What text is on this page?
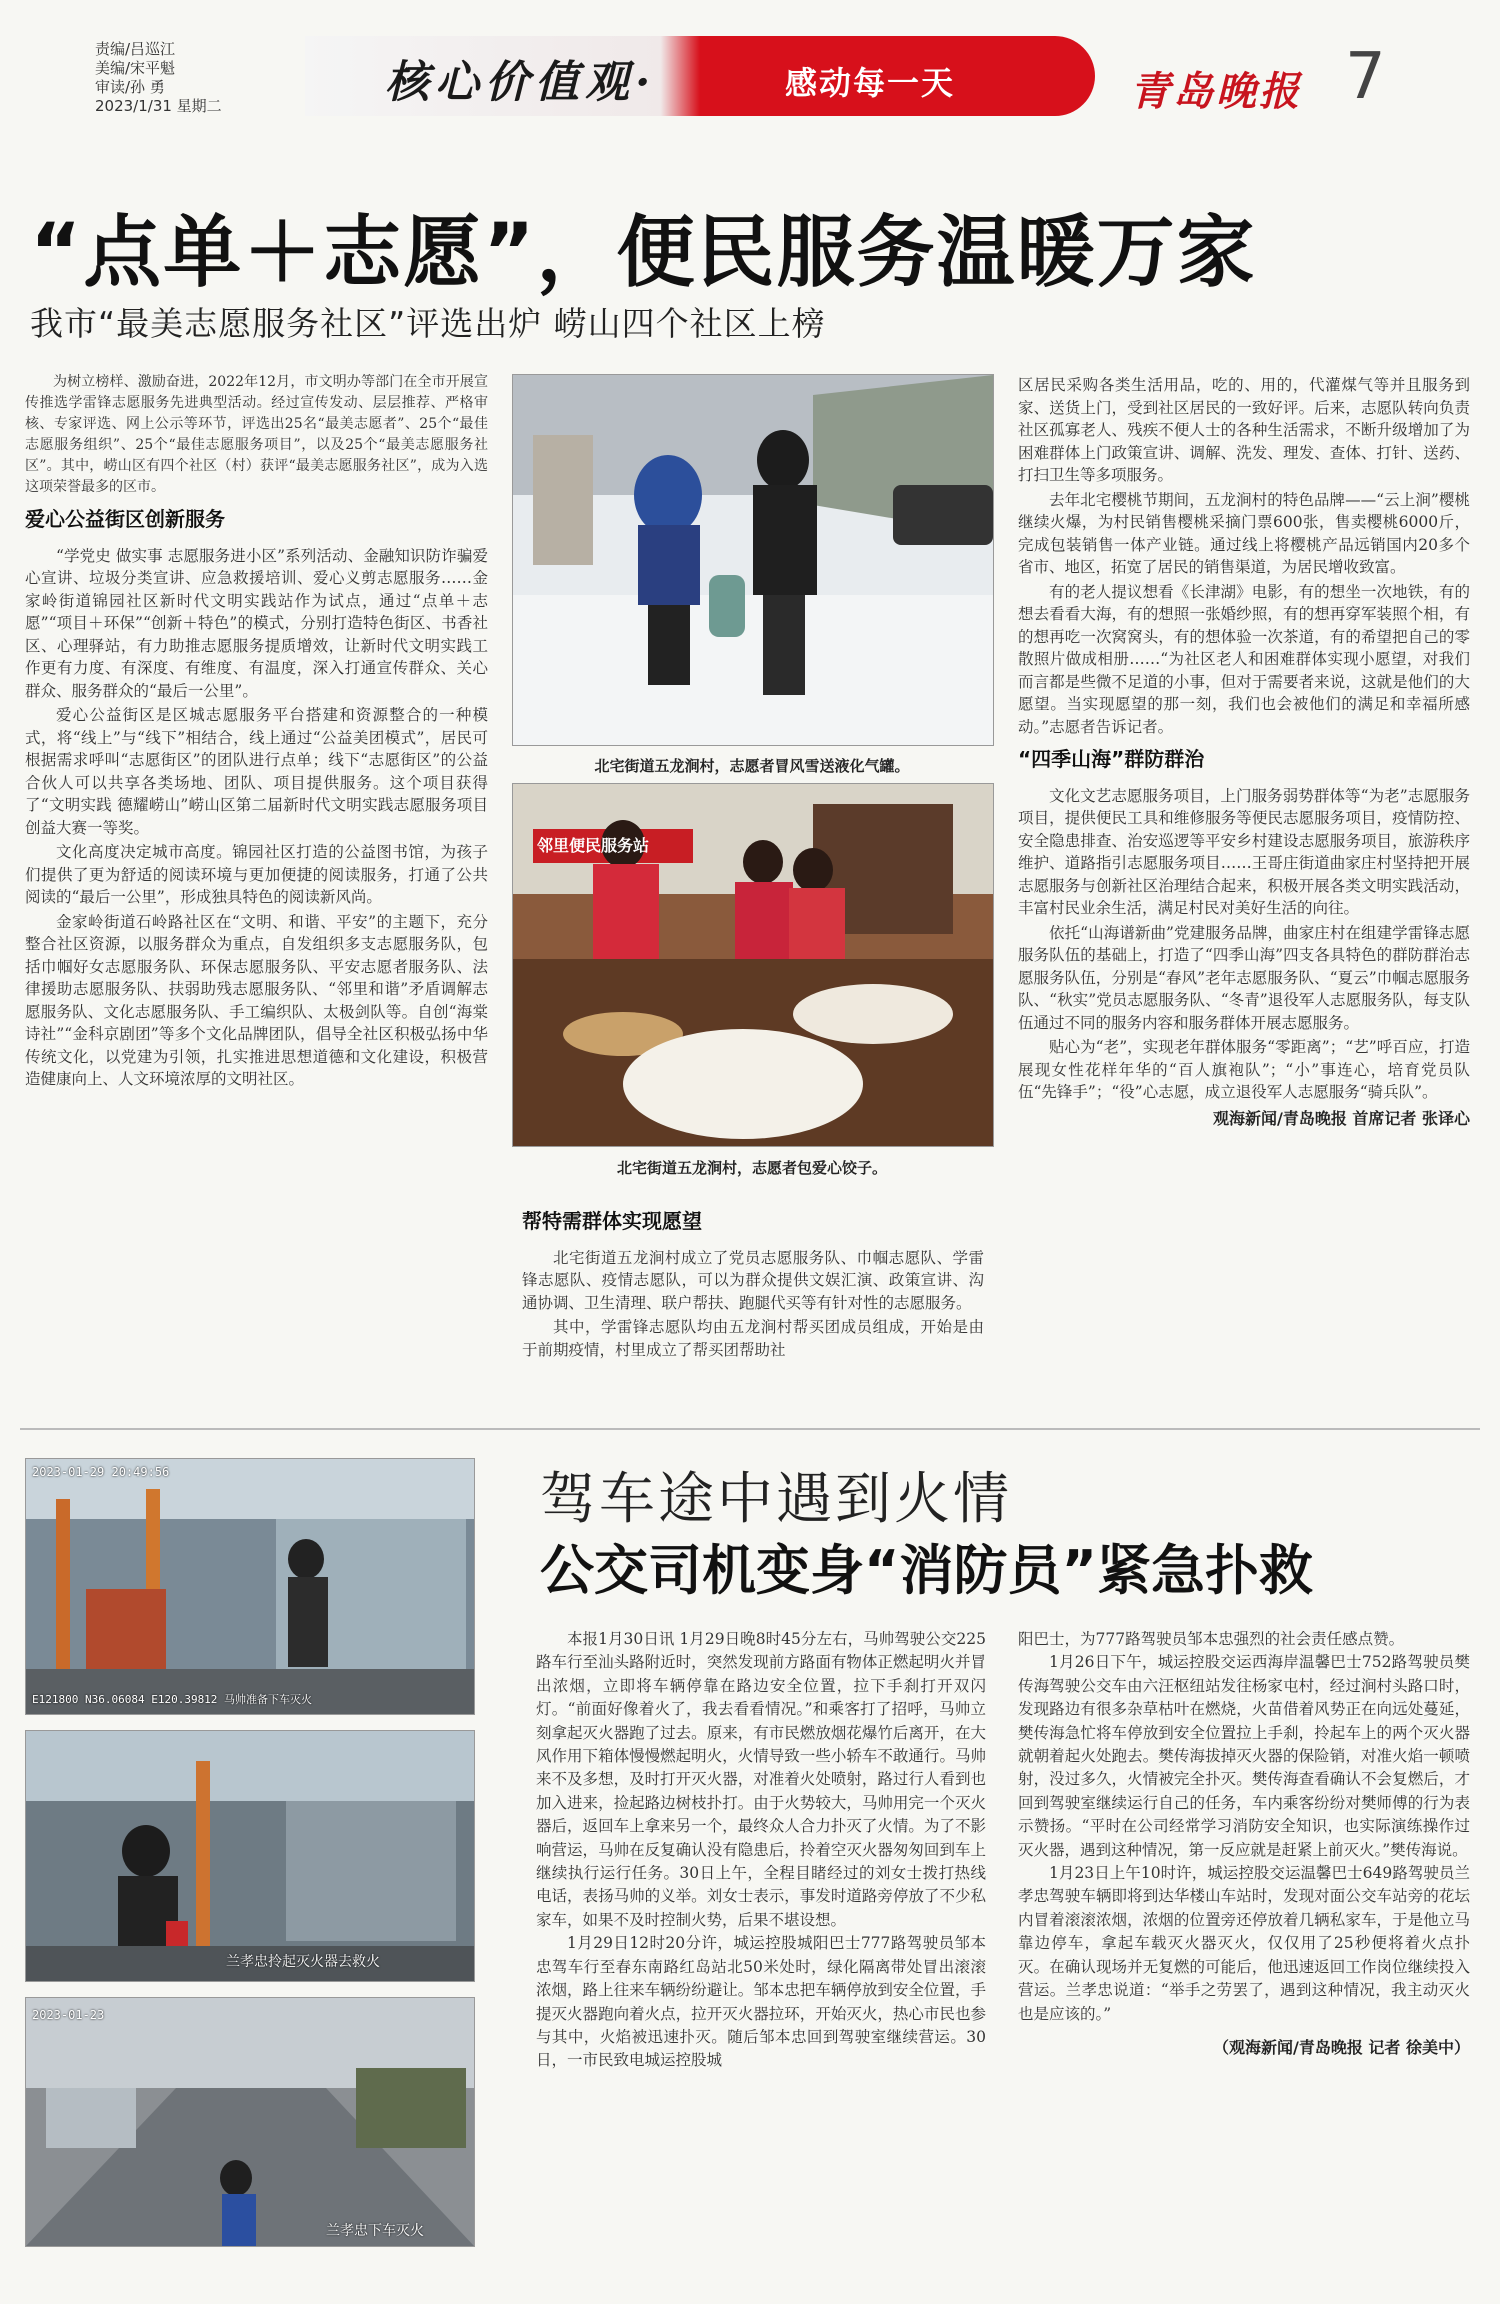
责编/吕巡江
美编/宋平魁
审读/孙 勇
2023/1/31 星期二	核心价值观·	感动每一天	青岛晚报 7
“点单＋志愿”，便民服务温暖万家
我市“最美志愿服务社区”评选出炉 崂山四个社区上榜

为树立榜样、激励奋进，2022年12月，市文明办等部门在全市开展宣传推选学雷锋志愿服务先进典型活动。经过宣传发动、层层推荐、严格审核、专家评选、网上公示等环节，评选出25名“最美志愿者”、25个“最佳志愿服务组织”、25个“最佳志愿服务项目”，以及25个“最美志愿服务社区”。其中，崂山区有四个社区（村）获评“最美志愿服务社区”，成为入选这项荣誉最多的区市。

爱心公益街区创新服务

“学党史 做实事 志愿服务进小区”系列活动、金融知识防诈骗爱心宣讲、垃圾分类宣讲、应急救援培训、爱心义剪志愿服务……金家岭街道锦园社区新时代文明实践站作为试点，通过“点单＋志愿”“项目＋环保”“创新＋特色”的模式，分别打造特色街区、书香社区、心理驿站，有力助推志愿服务提质增效，让新时代文明实践工作更有力度、有深度、有维度、有温度，深入打通宣传群众、关心群众、服务群众的“最后一公里”。

爱心公益街区是区城志愿服务平台搭建和资源整合的一种模式，将“线上”与“线下”相结合，线上通过“公益美团模式”，居民可根据需求呼叫“志愿街区”的团队进行点单；线下“志愿街区”的公益合伙人可以共享各类场地、团队、项目提供服务。这个项目获得了“文明实践 德耀崂山”崂山区第二届新时代文明实践志愿服务项目创益大赛一等奖。

文化高度决定城市高度。锦园社区打造的公益图书馆，为孩子们提供了更为舒适的阅读环境与更加便捷的阅读服务，打通了公共阅读的“最后一公里”，形成独具特色的阅读新风尚。

金家岭街道石岭路社区在“文明、和谐、平安”的主题下，充分整合社区资源，以服务群众为重点，自发组织多支志愿服务队，包括巾帼好女志愿服务队、环保志愿服务队、平安志愿者服务队、法律援助志愿服务队、扶弱助残志愿服务队、“邻里和谐”矛盾调解志愿服务队、文化志愿服务队、手工编织队、太极剑队等。自创“海棠诗社”“金科京剧团”等多个文化品牌团队，倡导全社区积极弘扬中华传统文化，以党建为引领，扎实推进思想道德和文化建设，积极营造健康向上、人文环境浓厚的文明社区。

北宅街道五龙涧村，志愿者冒风雪送液化气罐。
邻里便民服务站
北宅街道五龙涧村，志愿者包爱心饺子。
帮特需群体实现愿望

北宅街道五龙涧村成立了党员志愿服务队、巾帼志愿队、学雷锋志愿队、疫情志愿队，可以为群众提供文娱汇演、政策宣讲、沟通协调、卫生清理、联户帮扶、跑腿代买等有针对性的志愿服务。

其中，学雷锋志愿队均由五龙涧村帮买团成员组成，开始是由于前期疫情，村里成立了帮买团帮助社

区居民采购各类生活用品，吃的、用的，代灌煤气等并且服务到家、送货上门，受到社区居民的一致好评。后来，志愿队转向负责社区孤寡老人、残疾不便人士的各种生活需求，不断升级增加了为困难群体上门政策宣讲、调解、洗发、理发、查体、打针、送药、打扫卫生等多项服务。

去年北宅樱桃节期间，五龙涧村的特色品牌——“云上涧”樱桃继续火爆，为村民销售樱桃采摘门票600张，售卖樱桃6000斤，完成包装销售一体产业链。通过线上将樱桃产品远销国内20多个省市、地区，拓宽了居民的销售渠道，为居民增收致富。

有的老人提议想看《长津湖》电影，有的想坐一次地铁，有的想去看看大海，有的想照一张婚纱照，有的想再穿军装照个相，有的想再吃一次窝窝头，有的想体验一次茶道，有的希望把自己的零散照片做成相册……“为社区老人和困难群体实现小愿望，对我们而言都是些微不足道的小事，但对于需要者来说，这就是他们的大愿望。当实现愿望的那一刻，我们也会被他们的满足和幸福所感动。”志愿者告诉记者。

“四季山海”群防群治

文化文艺志愿服务项目，上门服务弱势群体等“为老”志愿服务项目，提供便民工具和维修服务等便民志愿服务项目，疫情防控、安全隐患排查、治安巡逻等平安乡村建设志愿服务项目，旅游秩序维护、道路指引志愿服务项目……王哥庄街道曲家庄村坚持把开展志愿服务与创新社区治理结合起来，积极开展各类文明实践活动，丰富村民业余生活，满足村民对美好生活的向往。

依托“山海谱新曲”党建服务品牌，曲家庄村在组建学雷锋志愿服务队伍的基础上，打造了“四季山海”四支各具特色的群防群治志愿服务队伍，分别是“春风”老年志愿服务队、“夏云”巾帼志愿服务队、“秋实”党员志愿服务队、“冬青”退役军人志愿服务队，每支队伍通过不同的服务内容和服务群体开展志愿服务。

贴心为“老”，实现老年群体服务“零距离”；“艺”呼百应，打造展现女性花样年华的“百人旗袍队”；“小”事连心，培育党员队伍“先锋手”；“役”心志愿，成立退役军人志愿服务“骑兵队”。

观海新闻/青岛晚报 首席记者 张译心
2023-01-29 20:49:56
E121800 N36.06084 E120.39812 马帅准备下车灭火
兰孝忠拎起灭火器去救火
2023-01-23
兰孝忠下车灭火
驾车途中遇到火情
公交司机变身“消防员”紧急扑救

本报1月30日讯 1月29日晚8时45分左右，马帅驾驶公交225路车行至汕头路附近时，突然发现前方路面有物体正燃起明火并冒出浓烟，立即将车辆停靠在路边安全位置，拉下手刹打开双闪灯。“前面好像着火了，我去看看情况。”和乘客打了招呼，马帅立刻拿起灭火器跑了过去。原来，有市民燃放烟花爆竹后离开，在大风作用下箱体慢慢燃起明火，火情导致一些小轿车不敢通行。马帅来不及多想，及时打开灭火器，对准着火处喷射，路过行人看到也加入进来，捡起路边树枝扑打。由于火势较大，马帅用完一个灭火器后，返回车上拿来另一个，最终众人合力扑灭了火情。为了不影响营运，马帅在反复确认没有隐患后，拎着空灭火器匆匆回到车上继续执行运行任务。30日上午，全程目睹经过的刘女士拨打热线电话，表扬马帅的义举。刘女士表示，事发时道路旁停放了不少私家车，如果不及时控制火势，后果不堪设想。

1月29日12时20分许，城运控股城阳巴士777路驾驶员邹本忠驾车行至春东南路红岛站北50米处时，绿化隔离带处冒出滚滚浓烟，路上往来车辆纷纷避让。邹本忠把车辆停放到安全位置，手提灭火器跑向着火点，拉开灭火器拉环，开始灭火，热心市民也参与其中，火焰被迅速扑灭。随后邹本忠回到驾驶室继续营运。30日，一市民致电城运控股城

阳巴士，为777路驾驶员邹本忠强烈的社会责任感点赞。

1月26日下午，城运控股交运西海岸温馨巴士752路驾驶员樊传海驾驶公交车由六汪枢纽站发往杨家屯村，经过涧村头路口时，发现路边有很多杂草枯叶在燃烧，火苗借着风势正在向远处蔓延，樊传海急忙将车停放到安全位置拉上手刹，拎起车上的两个灭火器就朝着起火处跑去。樊传海拔掉灭火器的保险销，对准火焰一顿喷射，没过多久，火情被完全扑灭。樊传海查看确认不会复燃后，才回到驾驶室继续运行自己的任务，车内乘客纷纷对樊师傅的行为表示赞扬。“平时在公司经常学习消防安全知识，也实际演练操作过灭火器，遇到这种情况，第一反应就是赶紧上前灭火。”樊传海说。

1月23日上午10时许，城运控股交运温馨巴士649路驾驶员兰孝忠驾驶车辆即将到达华楼山车站时，发现对面公交车站旁的花坛内冒着滚滚浓烟，浓烟的位置旁还停放着几辆私家车，于是他立马靠边停车，拿起车载灭火器灭火，仅仅用了25秒便将着火点扑灭。在确认现场并无复燃的可能后，他迅速返回工作岗位继续投入营运。兰孝忠说道：“举手之劳罢了，遇到这种情况，我主动灭火也是应该的。”

（观海新闻/青岛晚报 记者 徐美中）
